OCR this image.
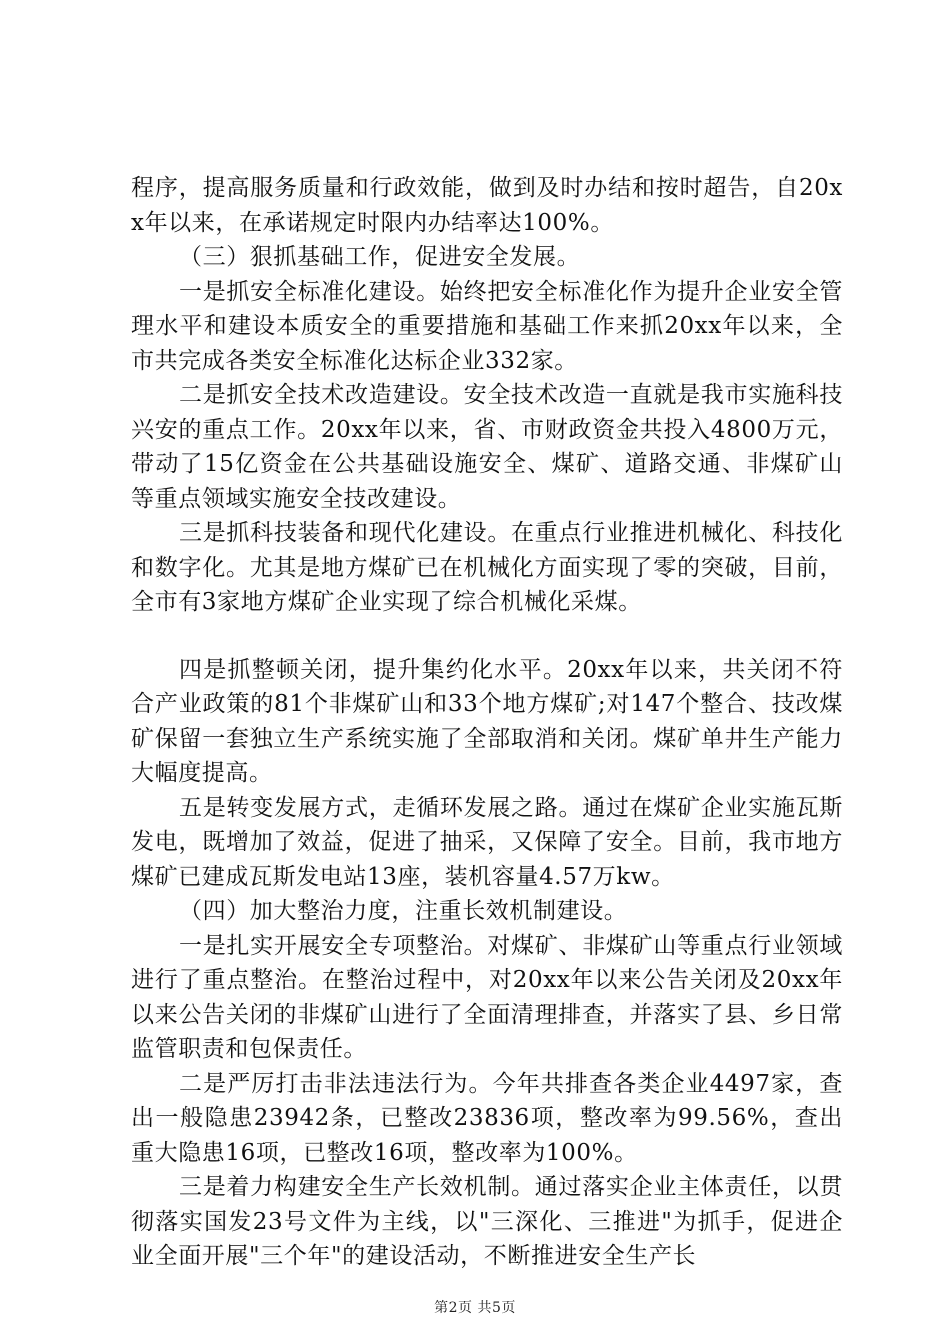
程序，提高服务质量和行政效能，做到及时办结和按时超告，自20xx年以来，在承诺规定时限内办结率达100%。

（三）狠抓基础工作，促进安全发展。

一是抓安全标准化建设。始终把安全标准化作为提升企业安全管理水平和建设本质安全的重要措施和基础工作来抓20xx年以来，全市共完成各类安全标准化达标企业332家。

二是抓安全技术改造建设。安全技术改造一直就是我市实施科技兴安的重点工作。20xx年以来，省、市财政资金共投入4800万元，带动了15亿资金在公共基础设施安全、煤矿、道路交通、非煤矿山等重点领域实施安全技改建设。

三是抓科技装备和现代化建设。在重点行业推进机械化、科技化和数字化。尤其是地方煤矿已在机械化方面实现了零的突破，目前，全市有3家地方煤矿企业实现了综合机械化采煤。

四是抓整顿关闭，提升集约化水平。20xx年以来，共关闭不符合产业政策的81个非煤矿山和33个地方煤矿;对147个整合、技改煤矿保留一套独立生产系统实施了全部取消和关闭。煤矿单井生产能力大幅度提高。

五是转变发展方式，走循环发展之路。通过在煤矿企业实施瓦斯发电，既增加了效益，促进了抽采，又保障了安全。目前，我市地方煤矿已建成瓦斯发电站13座，装机容量4.57万kw。

（四）加大整治力度，注重长效机制建设。

一是扎实开展安全专项整治。对煤矿、非煤矿山等重点行业领域进行了重点整治。在整治过程中，对20xx年以来公告关闭及20xx年以来公告关闭的非煤矿山进行了全面清理排查，并落实了县、乡日常监管职责和包保责任。

二是严厉打击非法违法行为。今年共排查各类企业4497家，查出一般隐患23942条，已整改23836项，整改率为99.56%，查出重大隐患16项，已整改16项，整改率为100%。

三是着力构建安全生产长效机制。通过落实企业主体责任，以贯彻落实国发23号文件为主线，以"三深化、三推进"为抓手，促进企业全面开展"三个年"的建设活动，不断推进安全生产长

第2页 共5页
